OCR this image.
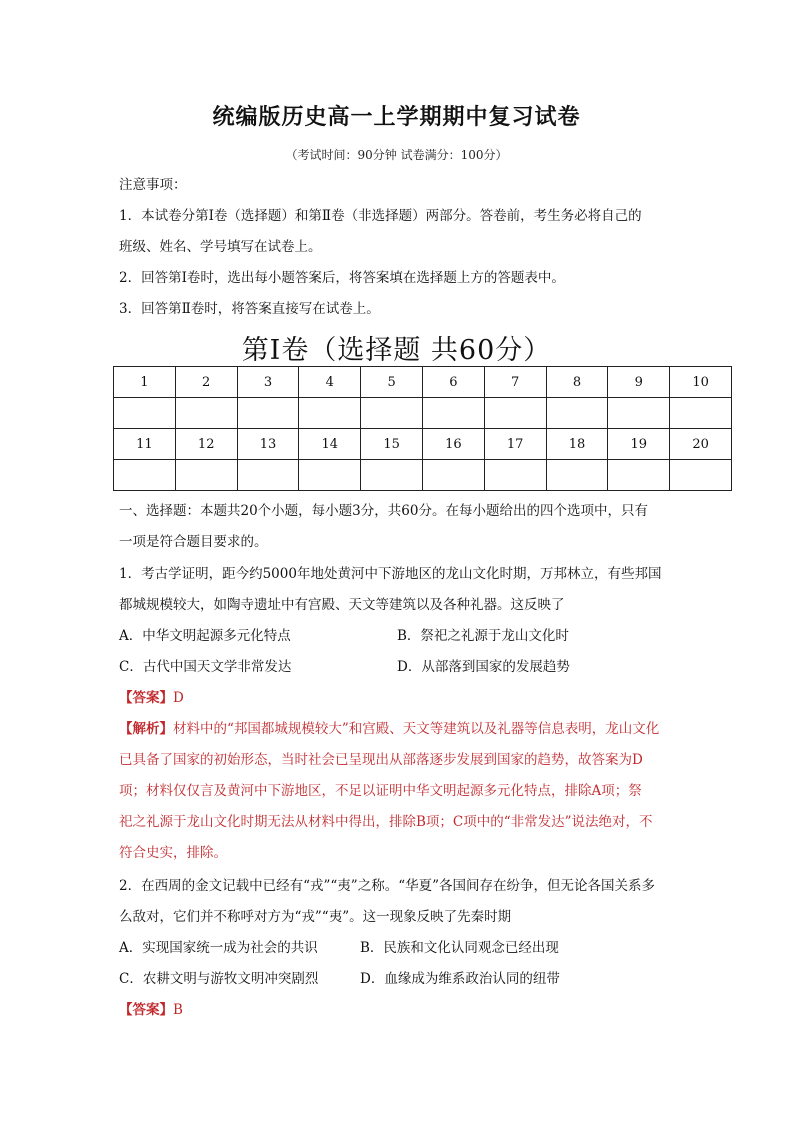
统编版历史高一上学期期中复习试卷
（考试时间：90分钟 试卷满分：100分）
注意事项：
1．本试卷分第Ⅰ卷（选择题）和第Ⅱ卷（非选择题）两部分。答卷前，考生务必将自己的
班级、姓名、学号填写在试卷上。
2．回答第Ⅰ卷时，选出每小题答案后，将答案填在选择题上方的答题表中。
3．回答第Ⅱ卷时，将答案直接写在试卷上。
第Ⅰ卷（选择题 共60分）
1	2	3	4	5	6	7	8	9	10

11	12	13	14	15	16	17	18	19	20

一、选择题：本题共20个小题，每小题3分，共60分。在每小题给出的四个选项中，只有
一项是符合题目要求的。
1．考古学证明，距今约5000年地处黄河中下游地区的龙山文化时期，万邦林立，有些邦国
都城规模较大，如陶寺遗址中有宫殿、天文等建筑以及各种礼器。这反映了
A．中华文明起源多元化特点	B．祭祀之礼源于龙山文化时
C．古代中国天文学非常发达	D．从部落到国家的发展趋势
【答案】D
【解析】材料中的“邦国都城规模较大”和宫殿、天文等建筑以及礼器等信息表明，龙山文化
已具备了国家的初始形态，当时社会已呈现出从部落逐步发展到国家的趋势，故答案为D
项；材料仅仅言及黄河中下游地区，不足以证明中华文明起源多元化特点，排除A项；祭
祀之礼源于龙山文化时期无法从材料中得出，排除B项；C项中的“非常发达”说法绝对，不
符合史实，排除。
2．在西周的金文记载中已经有“戎”“夷”之称。“华夏”各国间存在纷争，但无论各国关系多
么敌对，它们并不称呼对方为“戎”“夷”。这一现象反映了先秦时期
A．实现国家统一成为社会的共识	B．民族和文化认同观念已经出现
C．农耕文明与游牧文明冲突剧烈	D．血缘成为维系政治认同的纽带
【答案】B
